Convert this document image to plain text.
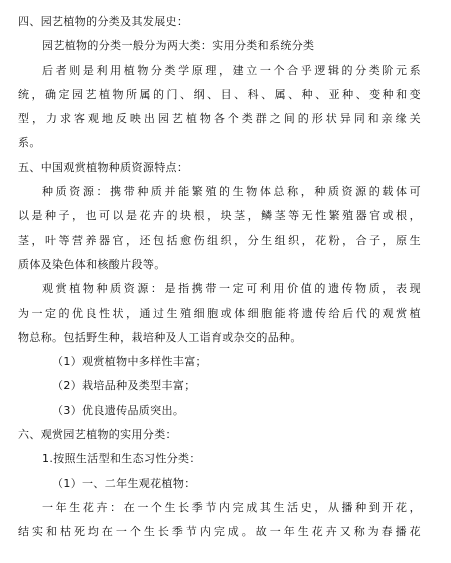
四、园艺植物的分类及其发展史：
园艺植物的分类一般分为两大类：实用分类和系统分类
后者则是利用植物分类学原理，建立一个合乎逻辑的分类阶元系
统，确定园艺植物所属的门、纲、目、科、属、种、亚种、变种和变
型，力求客观地反映出园艺植物各个类群之间的形状异同和亲缘关
系。
五、中国观赏植物种质资源特点：
种质资源：携带种质并能繁殖的生物体总称，种质资源的载体可
以是种子，也可以是花卉的块根，块茎，鳞茎等无性繁殖器官或根，
茎，叶等营养器官，还包括愈伤组织，分生组织，花粉，合子，原生
质体及染色体和核酸片段等。
观赏植物种质资源：是指携带一定可利用价值的遗传物质，表现
为一定的优良性状，通过生殖细胞或体细胞能将遗传给后代的观赏植
物总称。包括野生种，栽培种及人工诣育或杂交的品种。
（1）观赏植物中多样性丰富；
（2）栽培品种及类型丰富；
（3）优良遗传品质突出。
六、观赏园艺植物的实用分类：
1.按照生活型和生态习性分类：
（1）一、二年生观花植物：
一年生花卉：在一个生长季节内完成其生活史，从播种到开花，
结实和枯死均在一个生长季节内完成。故一年生花卉又称为春播花
